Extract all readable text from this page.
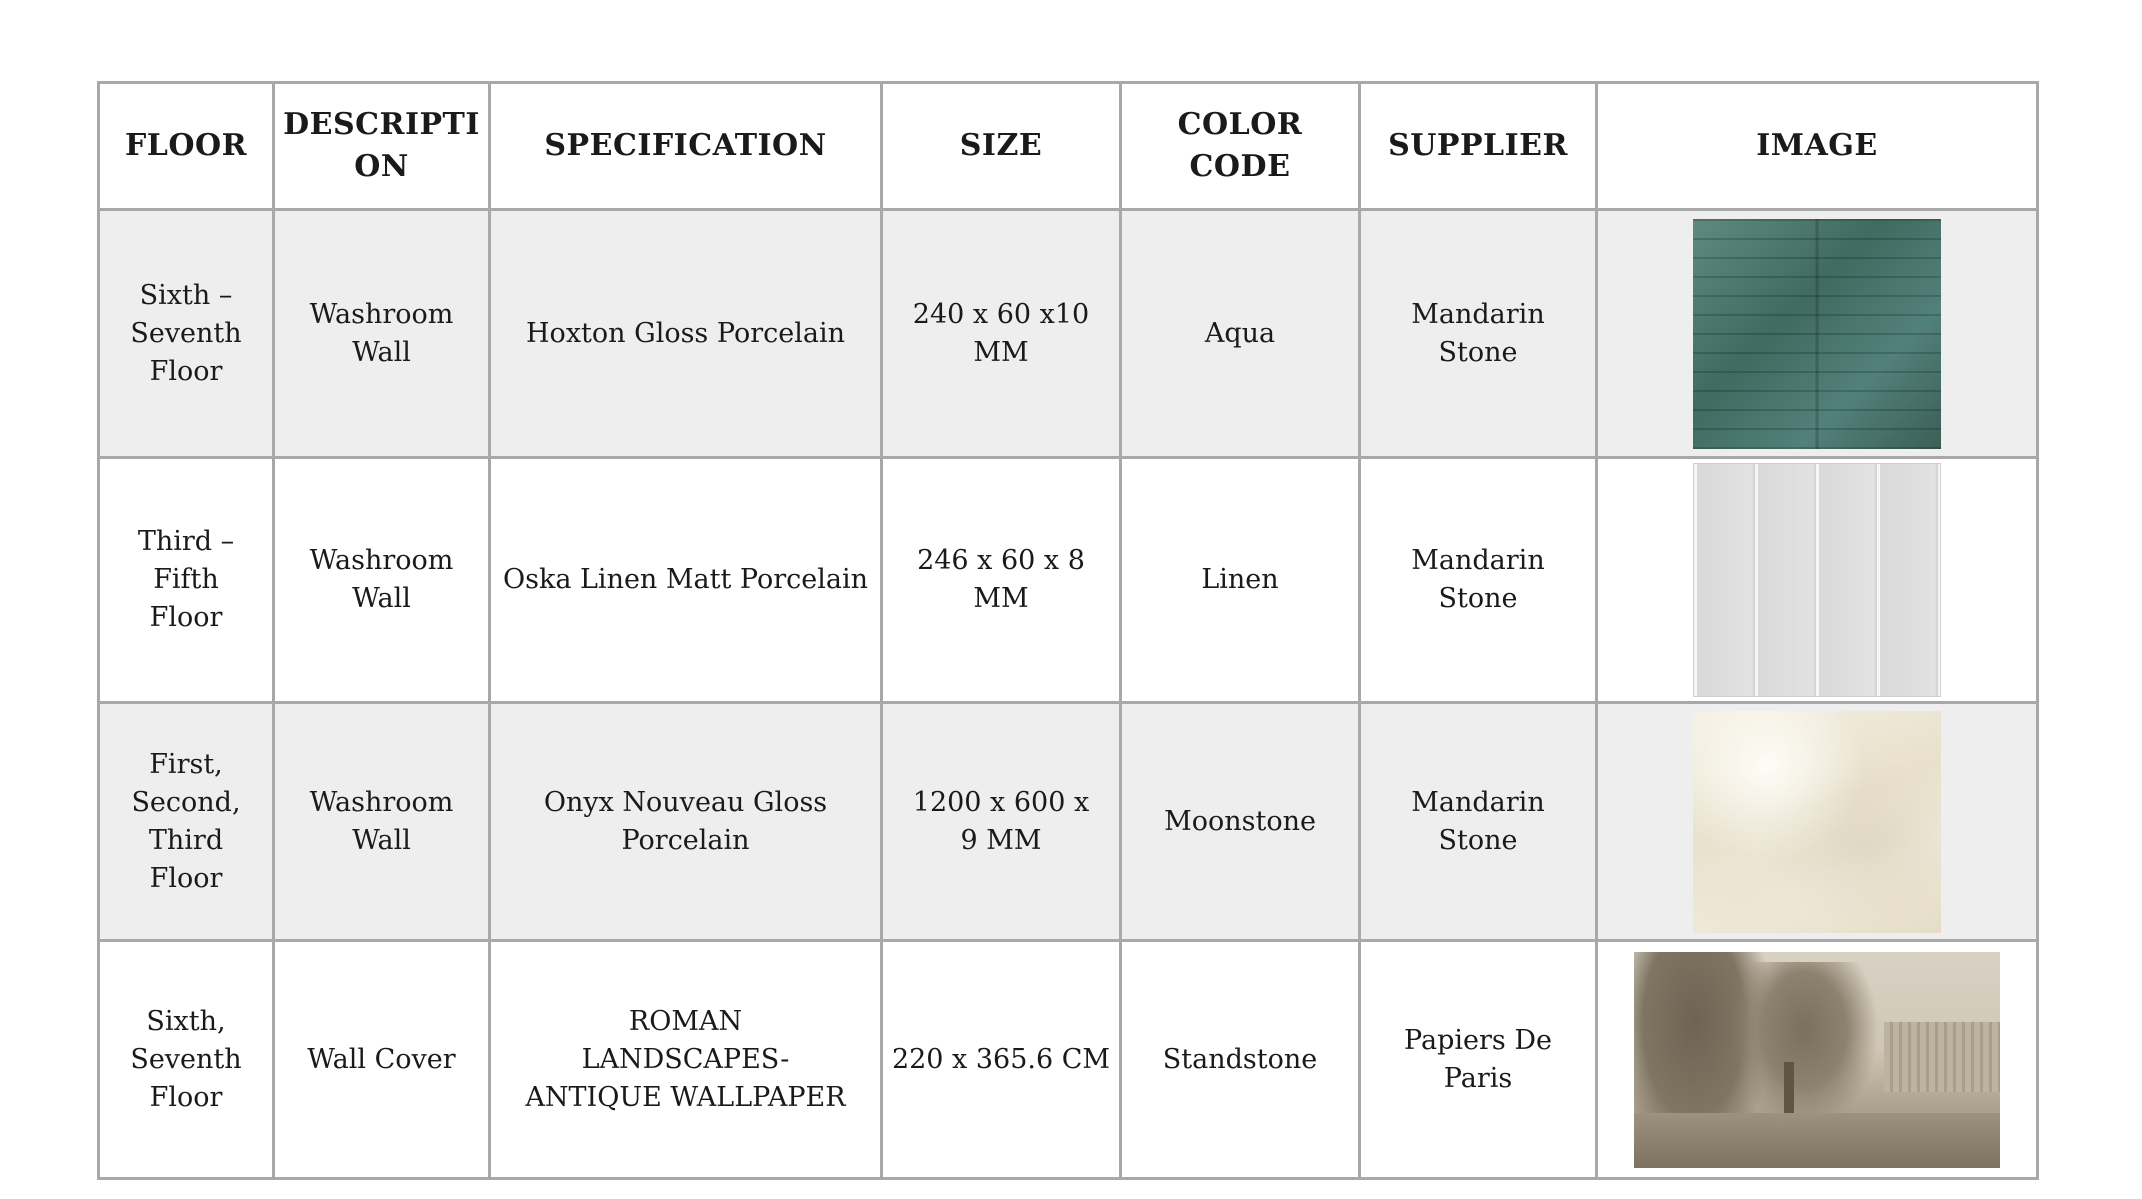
FLOOR	DESCRIPTION	SPECIFICATION	SIZE	COLOR CODE	SUPPLIER	IMAGE
Sixth – Seventh Floor	Washroom Wall	Hoxton Gloss Porcelain	240 x 60 x10 MM	Aqua	Mandarin Stone	

Third – Fifth Floor	Washroom Wall	Oska Linen Matt Porcelain	246 x 60 x 8 MM	Linen	Mandarin Stone	

First, Second, Third Floor	Washroom Wall	Onyx Nouveau Gloss Porcelain	1200 x 600 x 9 MM	Moonstone	Mandarin Stone	

Sixth, Seventh Floor	Wall Cover	ROMAN LANDSCAPES- ANTIQUE WALLPAPER	220 x 365.6 CM	Standstone	Papiers De Paris	
